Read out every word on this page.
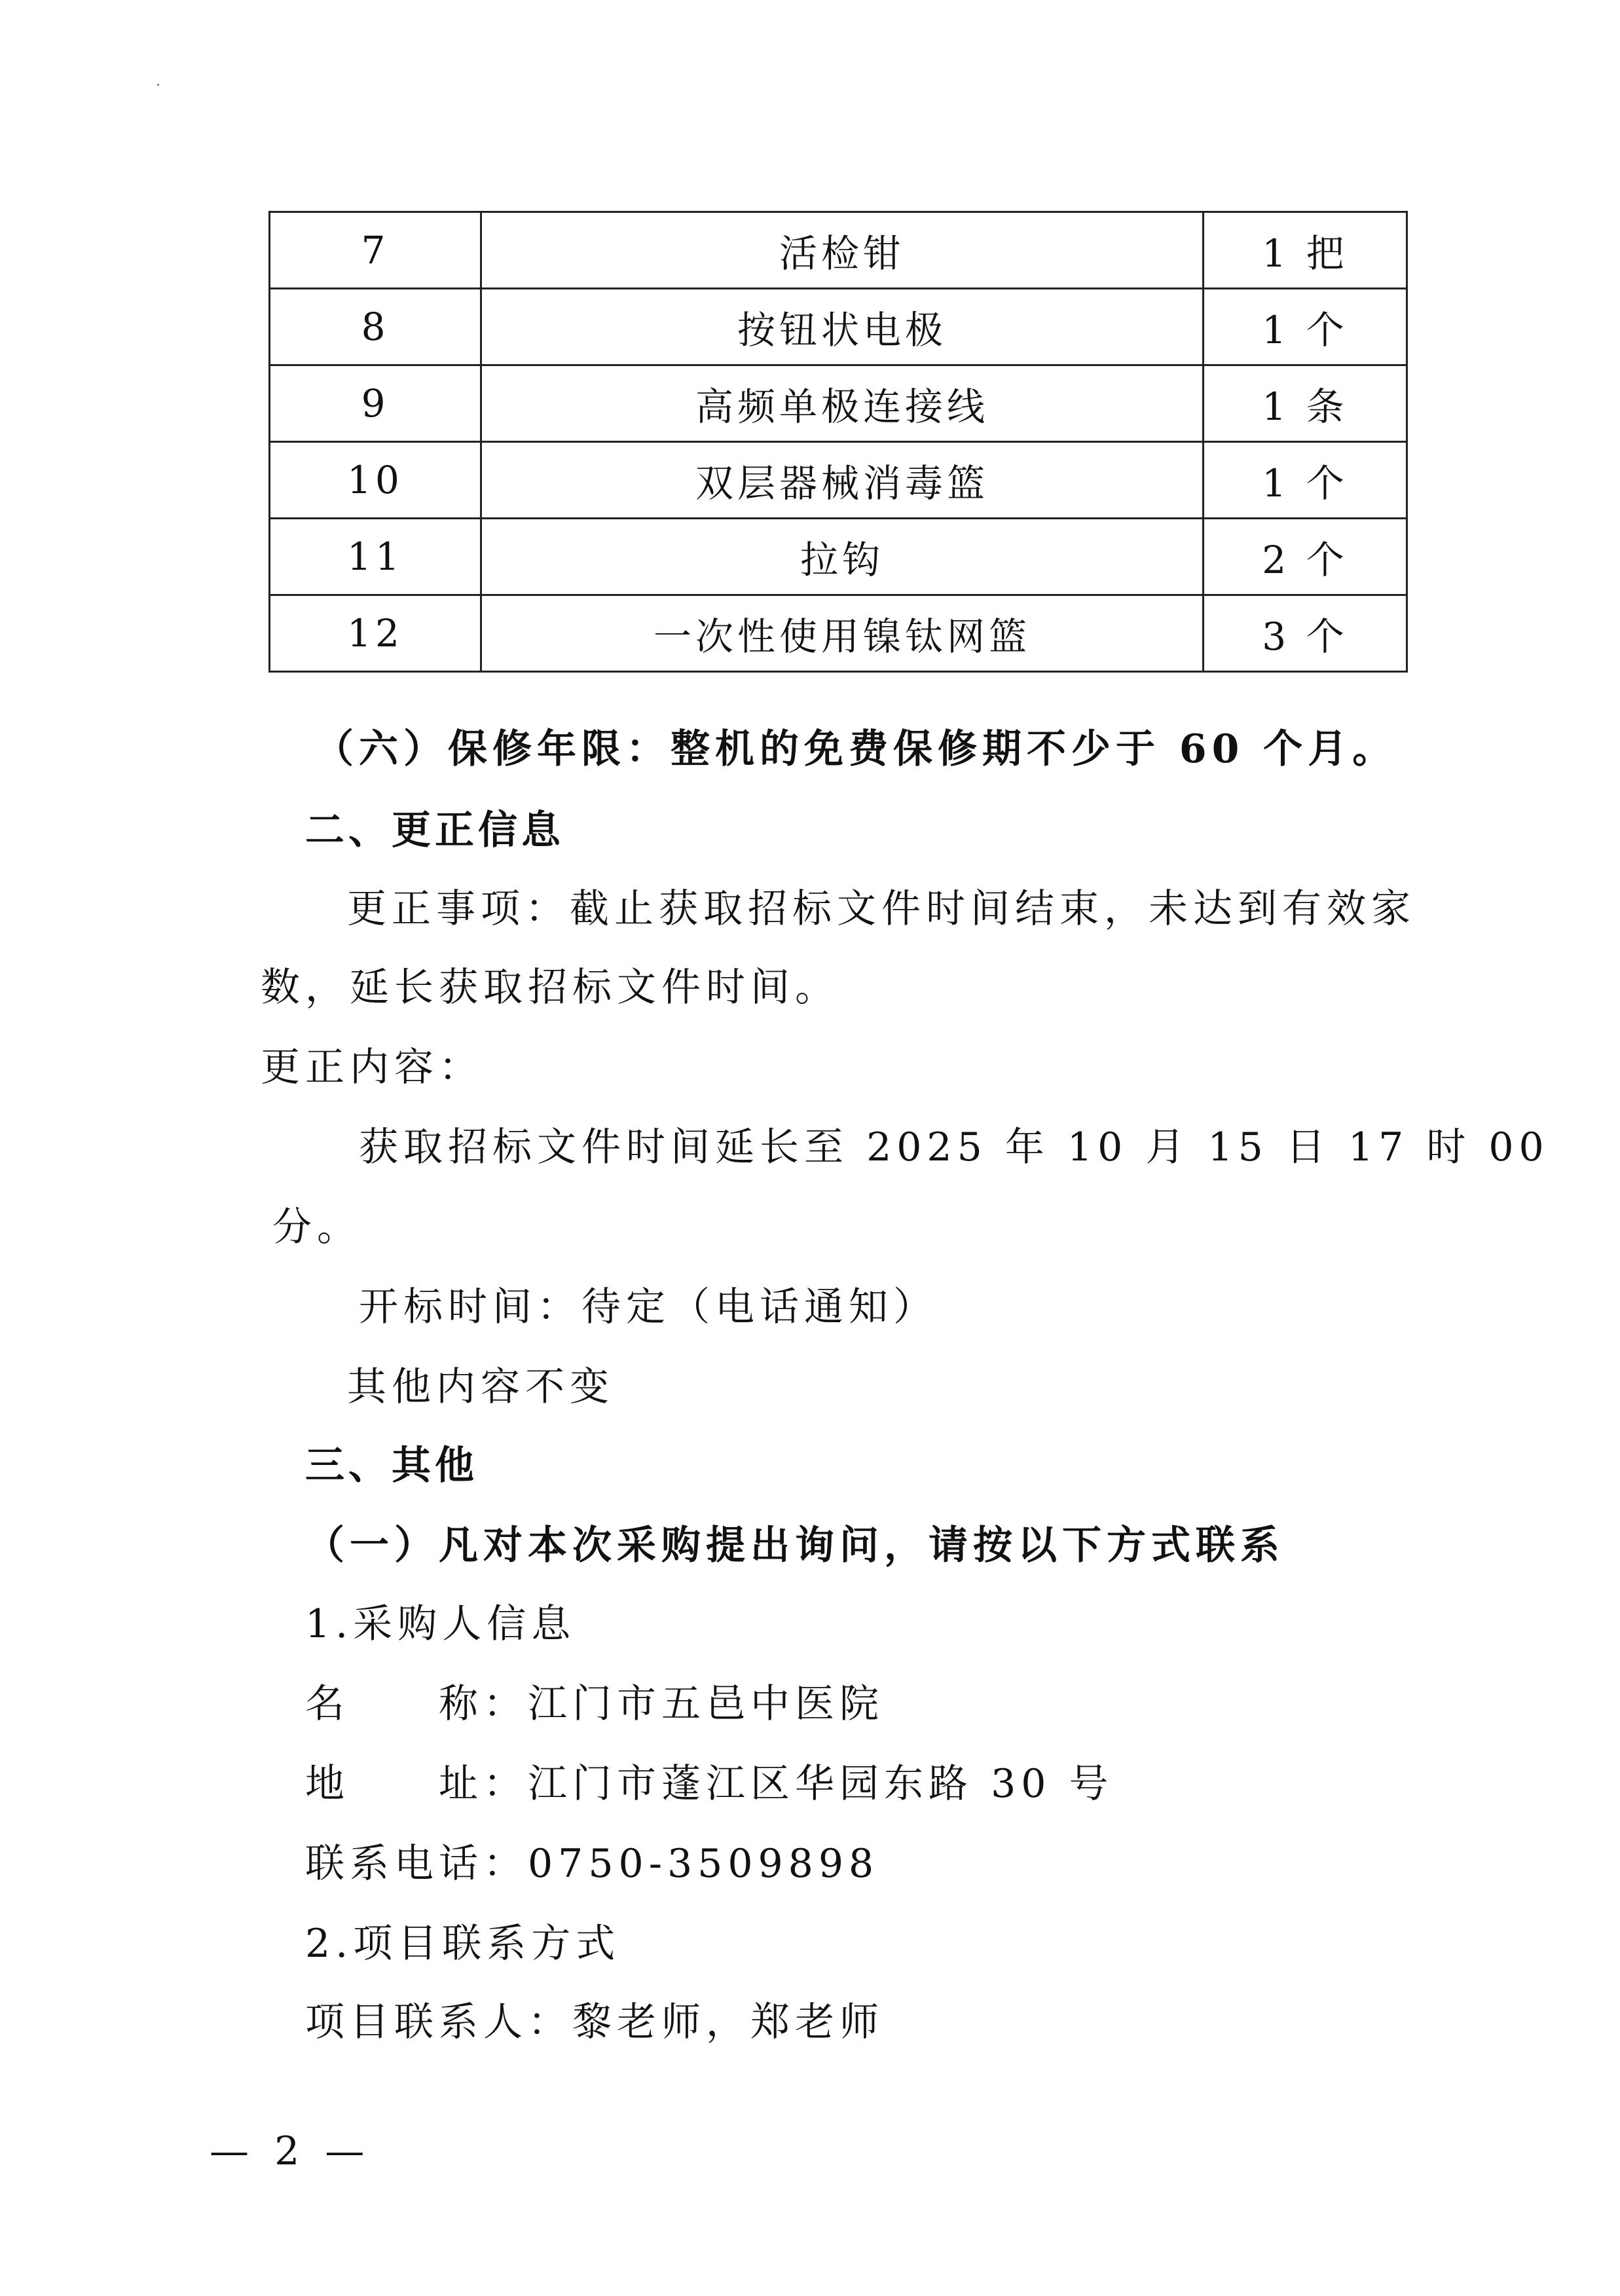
7	活检钳	1 把
8	按钮状电极	1 个
9	高频单极连接线	1 条
10	双层器械消毒篮	1 个
11	拉钩	2 个
12	一次性使用镍钛网篮	3 个
（六）保修年限：整机的免费保修期不少于 60 个月。
二、更正信息
更正事项：截止获取招标文件时间结束，未达到有效家
数，延长获取招标文件时间。
更正内容：
获取招标文件时间延长至 2025 年 10 月 15 日 17 时 00
分。
开标时间：待定（电话通知）
其他内容不变
三、其他
（一）凡对本次采购提出询问，请按以下方式联系
1.采购人信息
名　　称：江门市五邑中医院
地　　址：江门市蓬江区华园东路 30 号
联系电话：0750-3509898
2.项目联系方式
项目联系人：黎老师，郑老师
— 2 —
